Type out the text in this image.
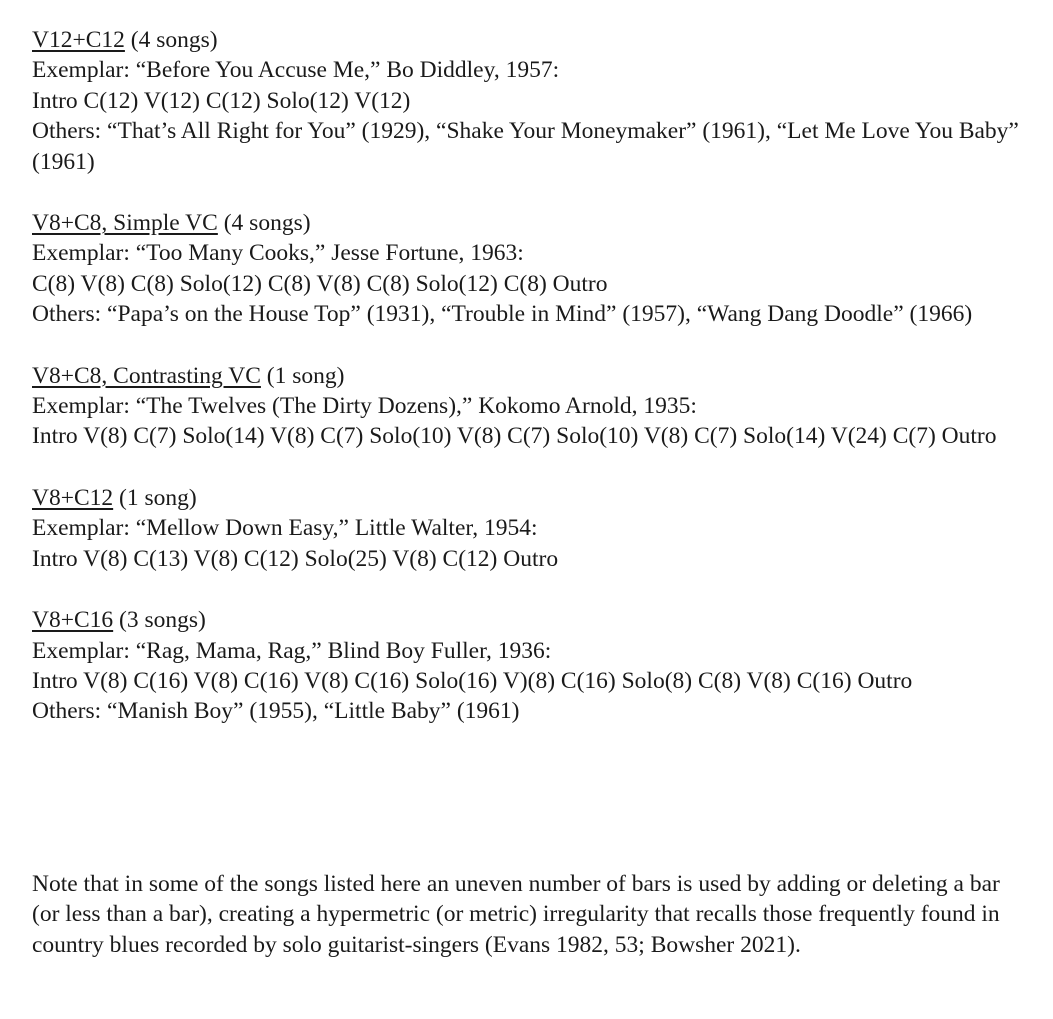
V12+C12 (4 songs)

Exemplar: “Before You Accuse Me,” Bo Diddley, 1957:

Intro C(12) V(12) C(12) Solo(12) V(12)

Others: “That’s All Right for You” (1929), “Shake Your Moneymaker” (1961), “Let Me Love You Baby” (1961)

V8+C8, Simple VC (4 songs)

Exemplar: “Too Many Cooks,” Jesse Fortune, 1963:

C(8) V(8) C(8) Solo(12) C(8) V(8) C(8) Solo(12) C(8) Outro

Others: “Papa’s on the House Top” (1931), “Trouble in Mind” (1957), “Wang Dang Doodle” (1966)

V8+C8, Contrasting VC (1 song)

Exemplar: “The Twelves (The Dirty Dozens),” Kokomo Arnold, 1935:

Intro V(8) C(7) Solo(14) V(8) C(7) Solo(10) V(8) C(7) Solo(10) V(8) C(7) Solo(14) V(24) C(7) Outro

V8+C12 (1 song)

Exemplar: “Mellow Down Easy,” Little Walter, 1954:

Intro V(8) C(13) V(8) C(12) Solo(25) V(8) C(12) Outro

V8+C16 (3 songs)

Exemplar: “Rag, Mama, Rag,” Blind Boy Fuller, 1936:

Intro V(8) C(16) V(8) C(16) V(8) C(16) Solo(16) V)(8) C(16) Solo(8) C(8) V(8) C(16) Outro

Others: “Manish Boy” (1955), “Little Baby” (1961)

Note that in some of the songs listed here an uneven number of bars is used by adding or deleting a bar (or less than a bar), creating a hypermetric (or metric) irregularity that recalls those frequently found in country blues recorded by solo guitarist-singers (Evans 1982, 53; Bowsher 2021).
